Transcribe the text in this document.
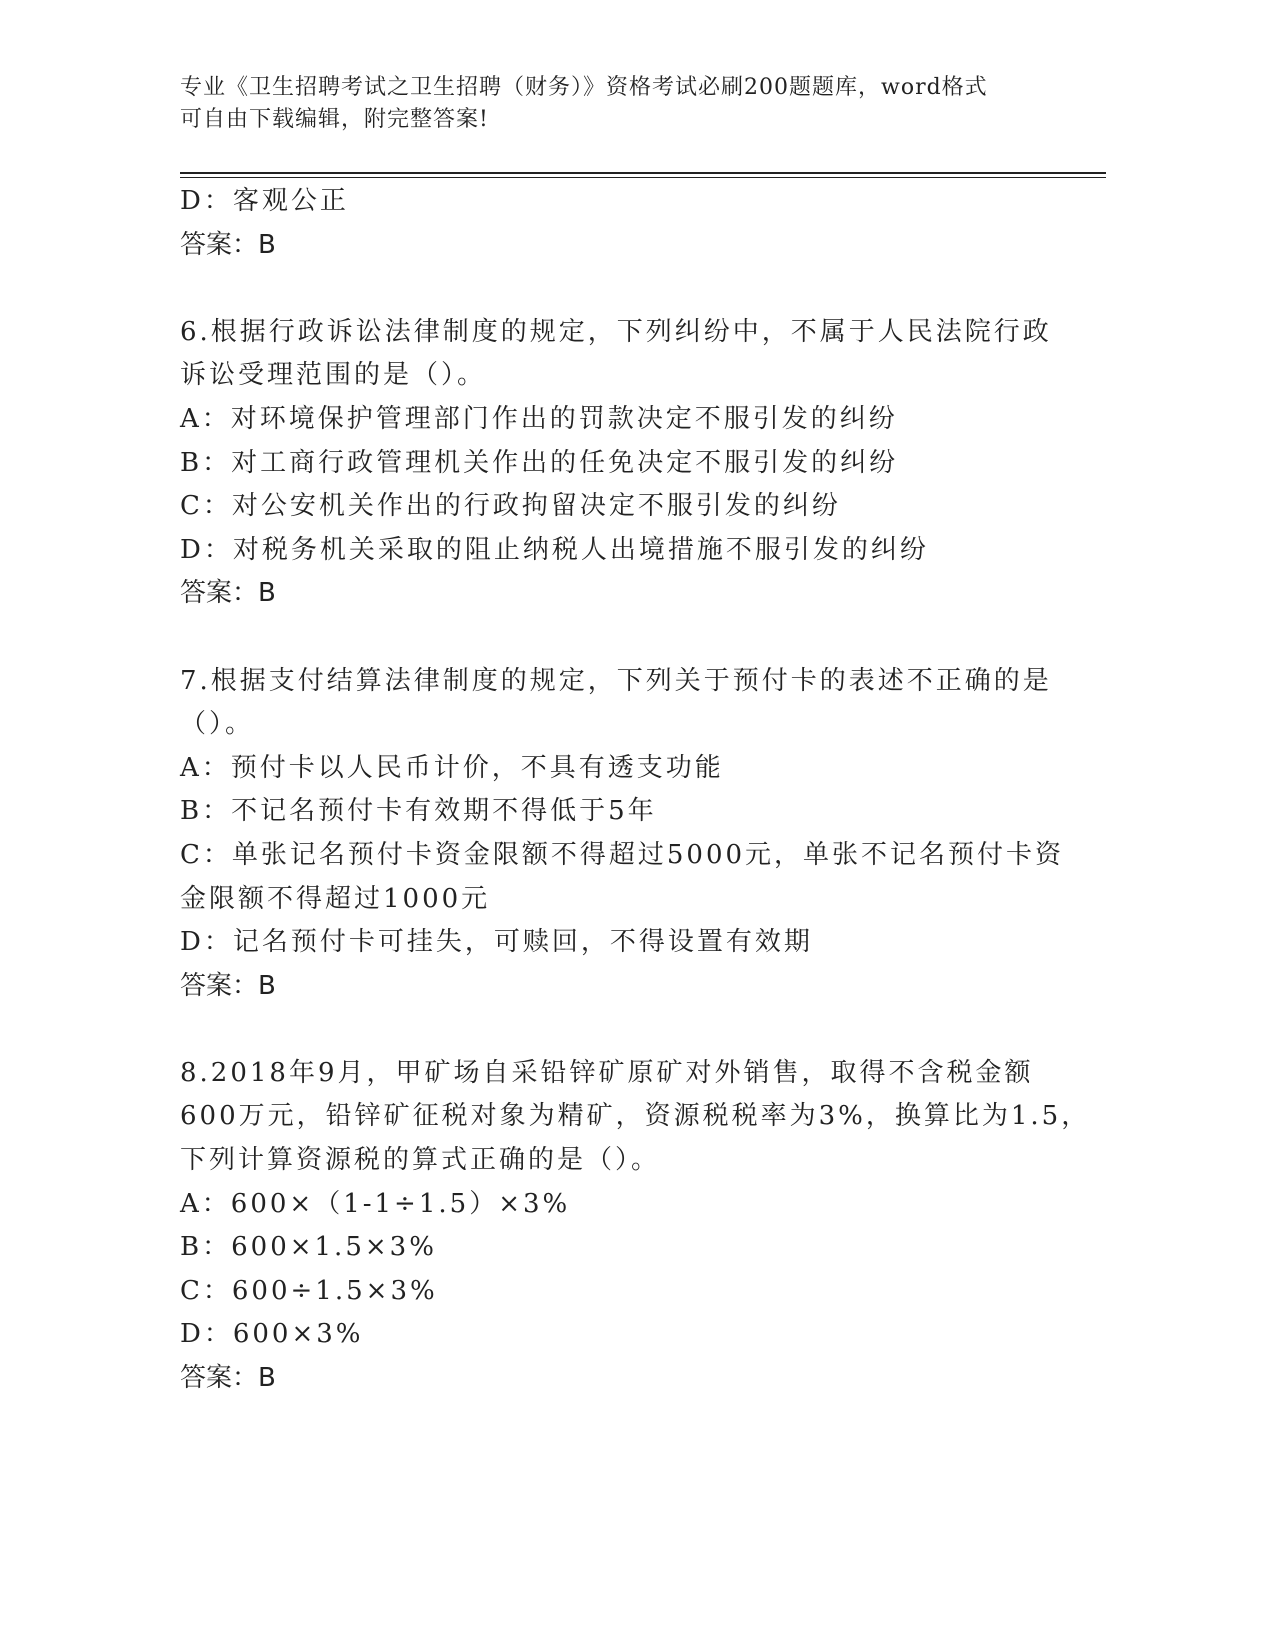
专业《卫生招聘考试之卫生招聘（财务）》资格考试必刷200题题库，word格式
可自由下载编辑，附完整答案!
D：客观公正
答案：B
6.根据行政诉讼法律制度的规定，下列纠纷中，不属于人民法院行政
诉讼受理范围的是（）。
A：对环境保护管理部门作出的罚款决定不服引发的纠纷
B：对工商行政管理机关作出的任免决定不服引发的纠纷
C：对公安机关作出的行政拘留决定不服引发的纠纷
D：对税务机关采取的阻止纳税人出境措施不服引发的纠纷
答案：B
7.根据支付结算法律制度的规定，下列关于预付卡的表述不正确的是
（）。
A：预付卡以人民币计价，不具有透支功能
B：不记名预付卡有效期不得低于5年
C：单张记名预付卡资金限额不得超过5000元，单张不记名预付卡资
金限额不得超过1000元
D：记名预付卡可挂失，可赎回，不得设置有效期
答案：B
8.2018年9月，甲矿场自采铅锌矿原矿对外销售，取得不含税金额
600万元，铅锌矿征税对象为精矿，资源税税率为3%，换算比为1.5，
下列计算资源税的算式正确的是（）。
A：600×（1-1÷1.5）×3%
B：600×1.5×3%
C：600÷1.5×3%
D：600×3%
答案：B
